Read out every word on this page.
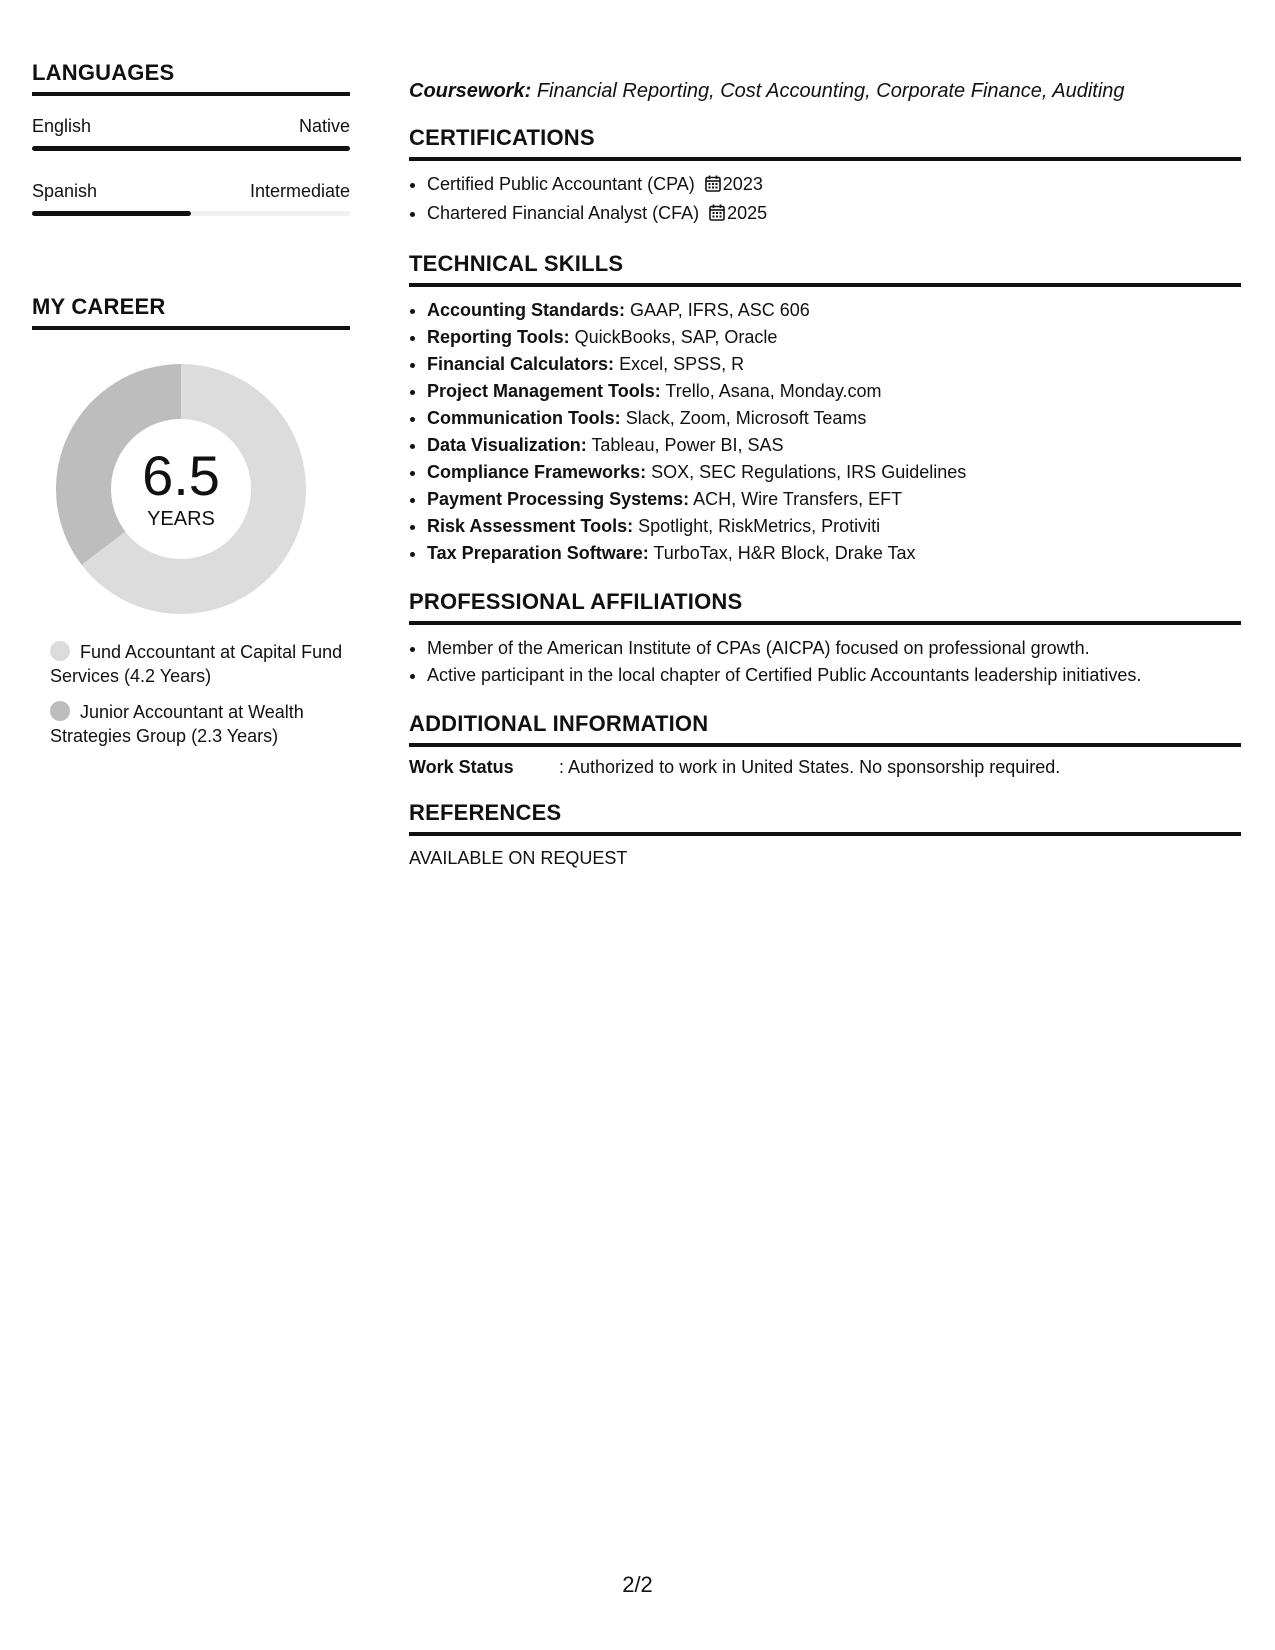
LANGUAGES
English	Native
Spanish	Intermediate
MY CAREER
6.5
YEARS
Fund Accountant at Capital Fund Services (4.2 Years)
Junior Accountant at Wealth Strategies Group (2.3 Years)

Coursework: Financial Reporting, Cost Accounting, Corporate Finance, Auditing

CERTIFICATIONS
• Certified Public Accountant (CPA) 2023
• Chartered Financial Analyst (CFA) 2025
TECHNICAL SKILLS
• Accounting Standards: GAAP, IFRS, ASC 606
• Reporting Tools: QuickBooks, SAP, Oracle
• Financial Calculators: Excel, SPSS, R
• Project Management Tools: Trello, Asana, Monday.com
• Communication Tools: Slack, Zoom, Microsoft Teams
• Data Visualization: Tableau, Power BI, SAS
• Compliance Frameworks: SOX, SEC Regulations, IRS Guidelines
• Payment Processing Systems: ACH, Wire Transfers, EFT
• Risk Assessment Tools: Spotlight, RiskMetrics, Protiviti
• Tax Preparation Software: TurboTax, H&R Block, Drake Tax
PROFESSIONAL AFFILIATIONS
• Member of the American Institute of CPAs (AICPA) focused on professional growth.
• Active participant in the local chapter of Certified Public Accountants leadership initiatives.
ADDITIONAL INFORMATION
Work Status	: Authorized to work in United States. No sponsorship required.
REFERENCES
AVAILABLE ON REQUEST
2/2
